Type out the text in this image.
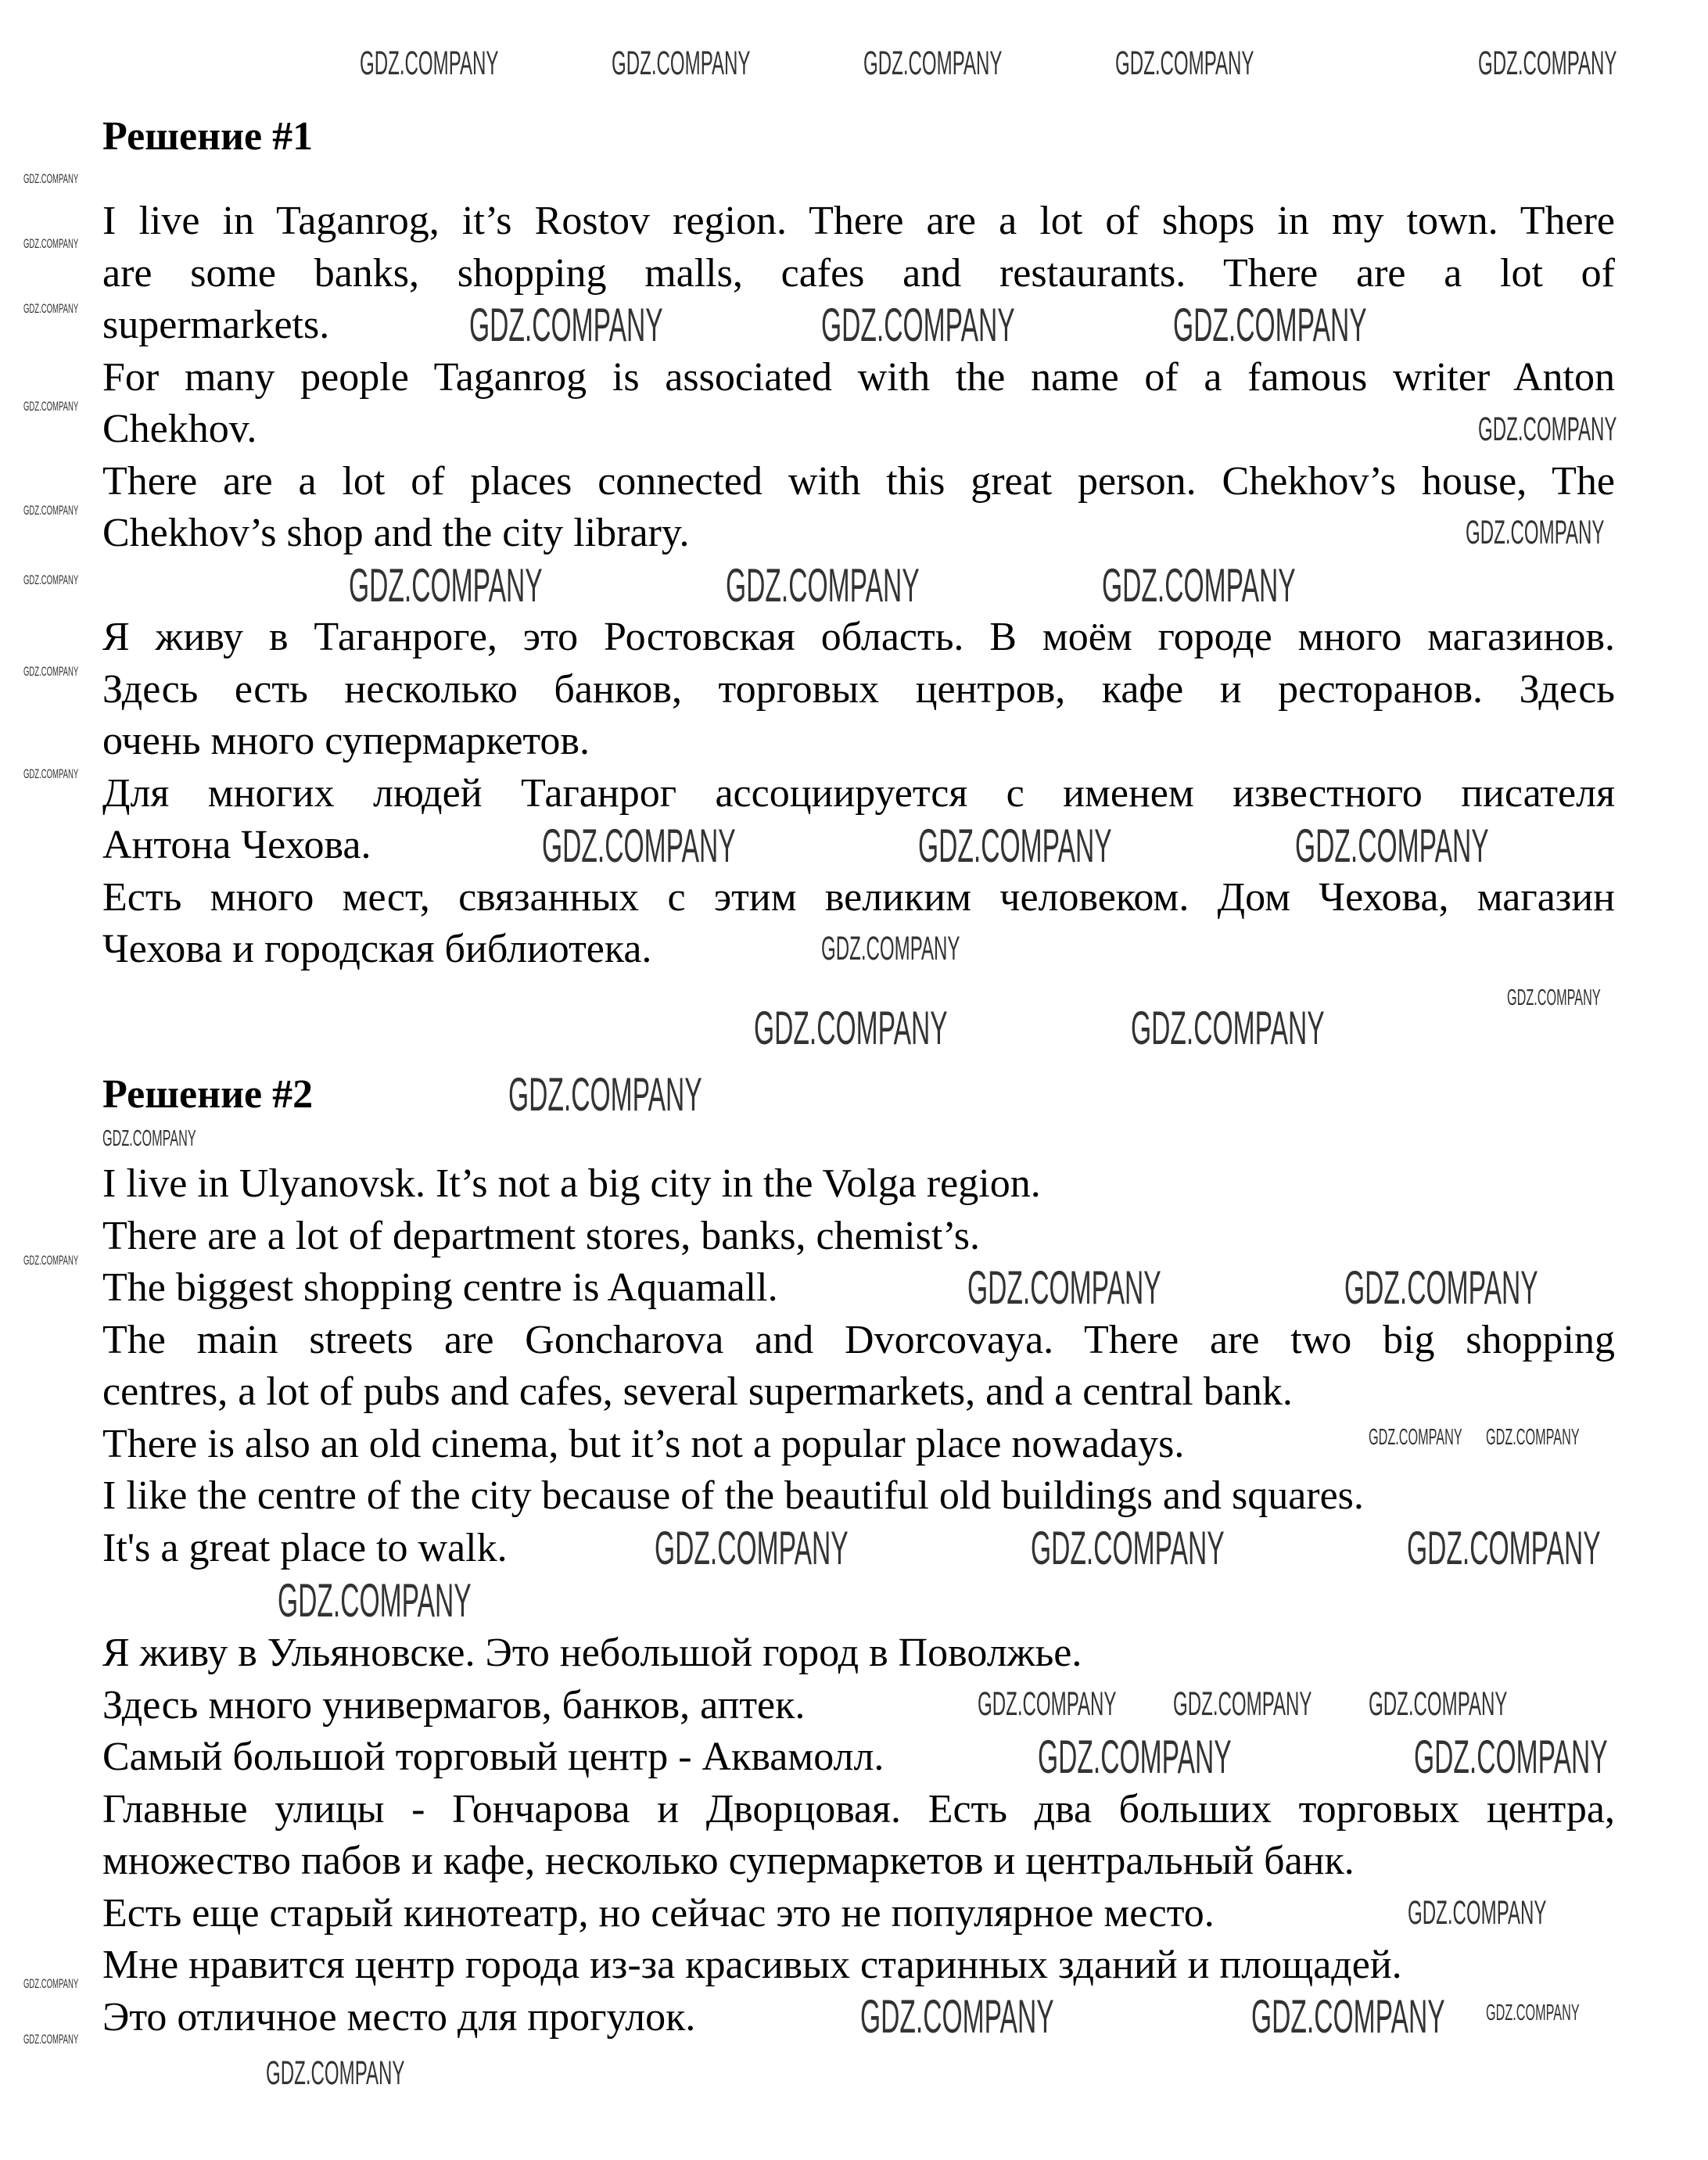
Решение #1
I live in Taganrog, it’s Rostov region. There are a lot of shops in my town. There
are some banks, shopping malls, cafes and restaurants. There are a lot of
supermarkets.
For many people Taganrog is associated with the name of a famous writer Anton
Chekhov.
There are a lot of places connected with this great person. Chekhov’s house, The
Chekhov’s shop and the city library.
Я живу в Таганроге, это Ростовская область. В моём городе много магазинов.
Здесь есть несколько банков, торговых центров, кафе и ресторанов. Здесь
очень много супермаркетов.
Для многих людей Таганрог ассоциируется с именем известного писателя
Антона Чехова.
Есть много мест, связанных с этим великим человеком. Дом Чехова, магазин
Чехова и городская библиотека.
Решение #2
I live in Ulyanovsk. It’s not a big city in the Volga region.
There are a lot of department stores, banks, chemist’s.
The biggest shopping centre is Aquamall.
The main streets are Goncharova and Dvorcovaya. There are two big shopping
centres, a lot of pubs and cafes, several supermarkets, and a central bank.
There is also an old cinema, but it’s not a popular place nowadays.
I like the centre of the city because of the beautiful old buildings and squares.
It's a great place to walk.
Я живу в Ульяновске. Это небольшой город в Поволжье.
Здесь много универмагов, банков, аптек.
Самый большой торговый центр - Аквамолл.
Главные улицы - Гончарова и Дворцовая. Есть два больших торговых центра,
множество пабов и кафе, несколько супермаркетов и центральный банк.
Есть еще старый кинотеатр, но сейчас это не популярное место.
Мне нравится центр города из-за красивых старинных зданий и площадей.
Это отличное место для прогулок.
GDZ.COMPANY	GDZ.COMPANY	GDZ.COMPANY	GDZ.COMPANY	GDZ.COMPANY
GDZ.COMPANY	GDZ.COMPANY	GDZ.COMPANY
GDZ.COMPANY
GDZ.COMPANY
GDZ.COMPANY	GDZ.COMPANY	GDZ.COMPANY
GDZ.COMPANY	GDZ.COMPANY	GDZ.COMPANY
GDZ.COMPANY
GDZ.COMPANY
GDZ.COMPANY	GDZ.COMPANY
GDZ.COMPANY
GDZ.COMPANY
GDZ.COMPANY	GDZ.COMPANY
GDZ.COMPANY GDZ.COMPANY
GDZ.COMPANY	GDZ.COMPANY	GDZ.COMPANY
GDZ.COMPANY
GDZ.COMPANY GDZ.COMPANY GDZ.COMPANY
GDZ.COMPANY	GDZ.COMPANY
GDZ.COMPANY
GDZ.COMPANY	GDZ.COMPANY GDZ.COMPANY
GDZ.COMPANY
GDZ.COMPANY
GDZ.COMPANY
GDZ.COMPANY
GDZ.COMPANY
GDZ.COMPANY
GDZ.COMPANY
GDZ.COMPANY
GDZ.COMPANY
GDZ.COMPANY
GDZ.COMPANY
GDZ.COMPANY
